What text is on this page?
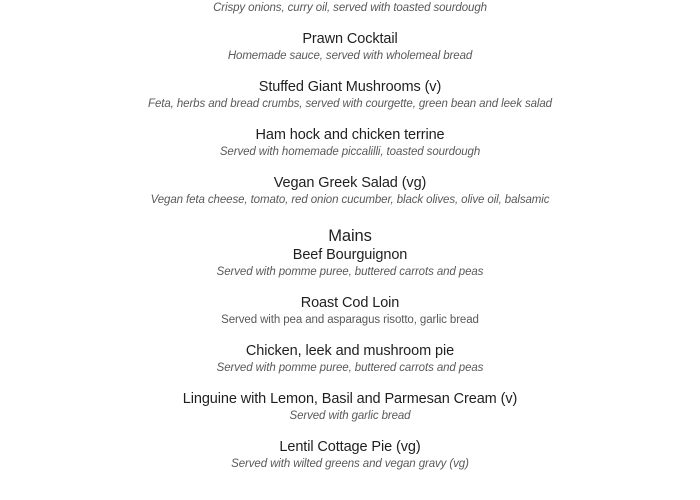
Crispy onions, curry oil, served with toasted sourdough
Prawn Cocktail
Homemade sauce, served with wholemeal bread
Stuffed Giant Mushrooms (v)
Feta, herbs and bread crumbs, served with courgette, green bean and leek salad
Ham hock and chicken terrine
Served with homemade piccalilli, toasted sourdough
Vegan Greek Salad (vg)
Vegan feta cheese, tomato, red onion cucumber, black olives, olive oil, balsamic
Mains
Beef Bourguignon
Served with pomme puree, buttered carrots and peas
Roast Cod Loin
Served with pea and asparagus risotto, garlic bread
Chicken, leek and mushroom pie
Served with pomme puree, buttered carrots and peas
Linguine with Lemon, Basil and Parmesan Cream (v)
Served with garlic bread
Lentil Cottage Pie (vg)
Served with wilted greens and vegan gravy (vg)
